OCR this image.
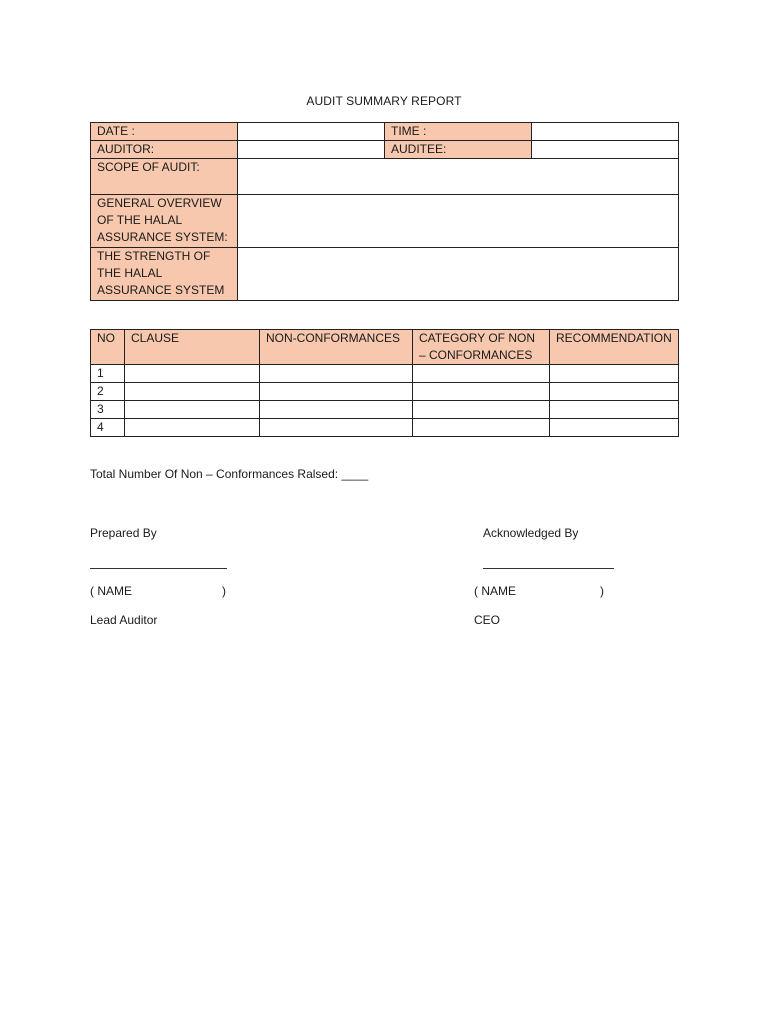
AUDIT SUMMARY REPORT
DATE :		TIME :	
AUDITOR:		AUDITEE:	
SCOPE OF AUDIT:			
GENERAL OVERVIEW OF THE HALAL ASSURANCE SYSTEM:			
THE STRENGTH OF THE HALAL ASSURANCE SYSTEM			
NO	CLAUSE	NON-CONFORMANCES	CATEGORY OF NON – CONFORMANCES	RECOMMENDATION
1				
2				
3				
4				
Total Number Of Non – Conformances Ralsed: ____
Prepared By
( NAME	)
Lead Auditor
Acknowledged By
( NAME	)
CEO
